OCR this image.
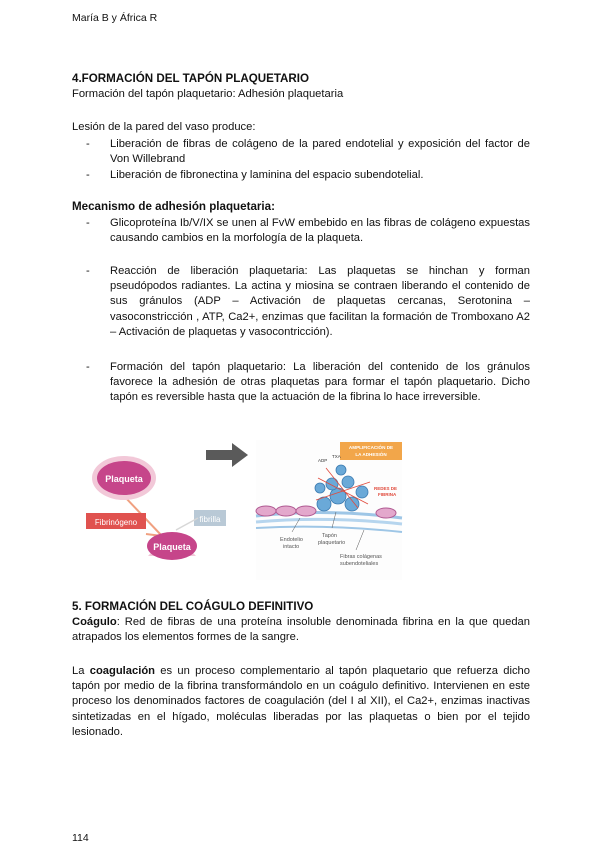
María B y África R
4.FORMACIÓN DEL TAPÓN PLAQUETARIO
Formación del tapón plaquetario: Adhesión plaquetaria
Lesión de la pared del vaso produce:
- Liberación de fibras de colágeno de la pared endotelial y exposición del factor de Von Willebrand
- Liberación de fibronectina y laminina del espacio subendotelial.
Mecanismo de adhesión plaquetaria:
- Glicoproteína Ib/V/IX se unen al FvW embebido en las fibras de colágeno expuestas causando cambios en la morfología de la plaqueta.
- Reacción de liberación plaquetaria: Las plaquetas se hinchan y forman pseudópodos radiantes. La actina y miosina se contraen liberando el contenido de sus gránulos (ADP – Activación de plaquetas cercanas, Serotonina – vasoconstricción , ATP, Ca2+, enzimas que facilitan la formación de Tromboxano A2 – Activación de plaquetas y vasocontricción).
- Formación del tapón plaquetario: La liberación del contenido de los gránulos favorece la adhesión de otras plaquetas para formar el tapón plaquetario. Dicho tapón es reversible hasta que la actuación de la fibrina lo hace irreversible.
Fibrinógeno	fibrilla
Plaqueta
Plaqueta
AMPLIFICACIÓN DE
LA ADHESIÓN
ADP
TXA
REDES DE
FIBRINA
Endotelio
intacto
Tapón
plaquetario
Fibras colágenas
subendoteliales
5. FORMACIÓN DEL COÁGULO DEFINITIVO
Coágulo: Red de fibras de una proteína insoluble denominada fibrina en la que quedan atrapados los elementos formes de la sangre.
La coagulación es un proceso complementario al tapón plaquetario que refuerza dicho tapón por medio de la fibrina transformándolo en un coágulo definitivo. Intervienen en este proceso los denominados factores de coagulación (del I al XII), el Ca2+, enzimas inactivas sintetizadas en el hígado, moléculas liberadas por las plaquetas o bien por el tejido lesionado.
114
